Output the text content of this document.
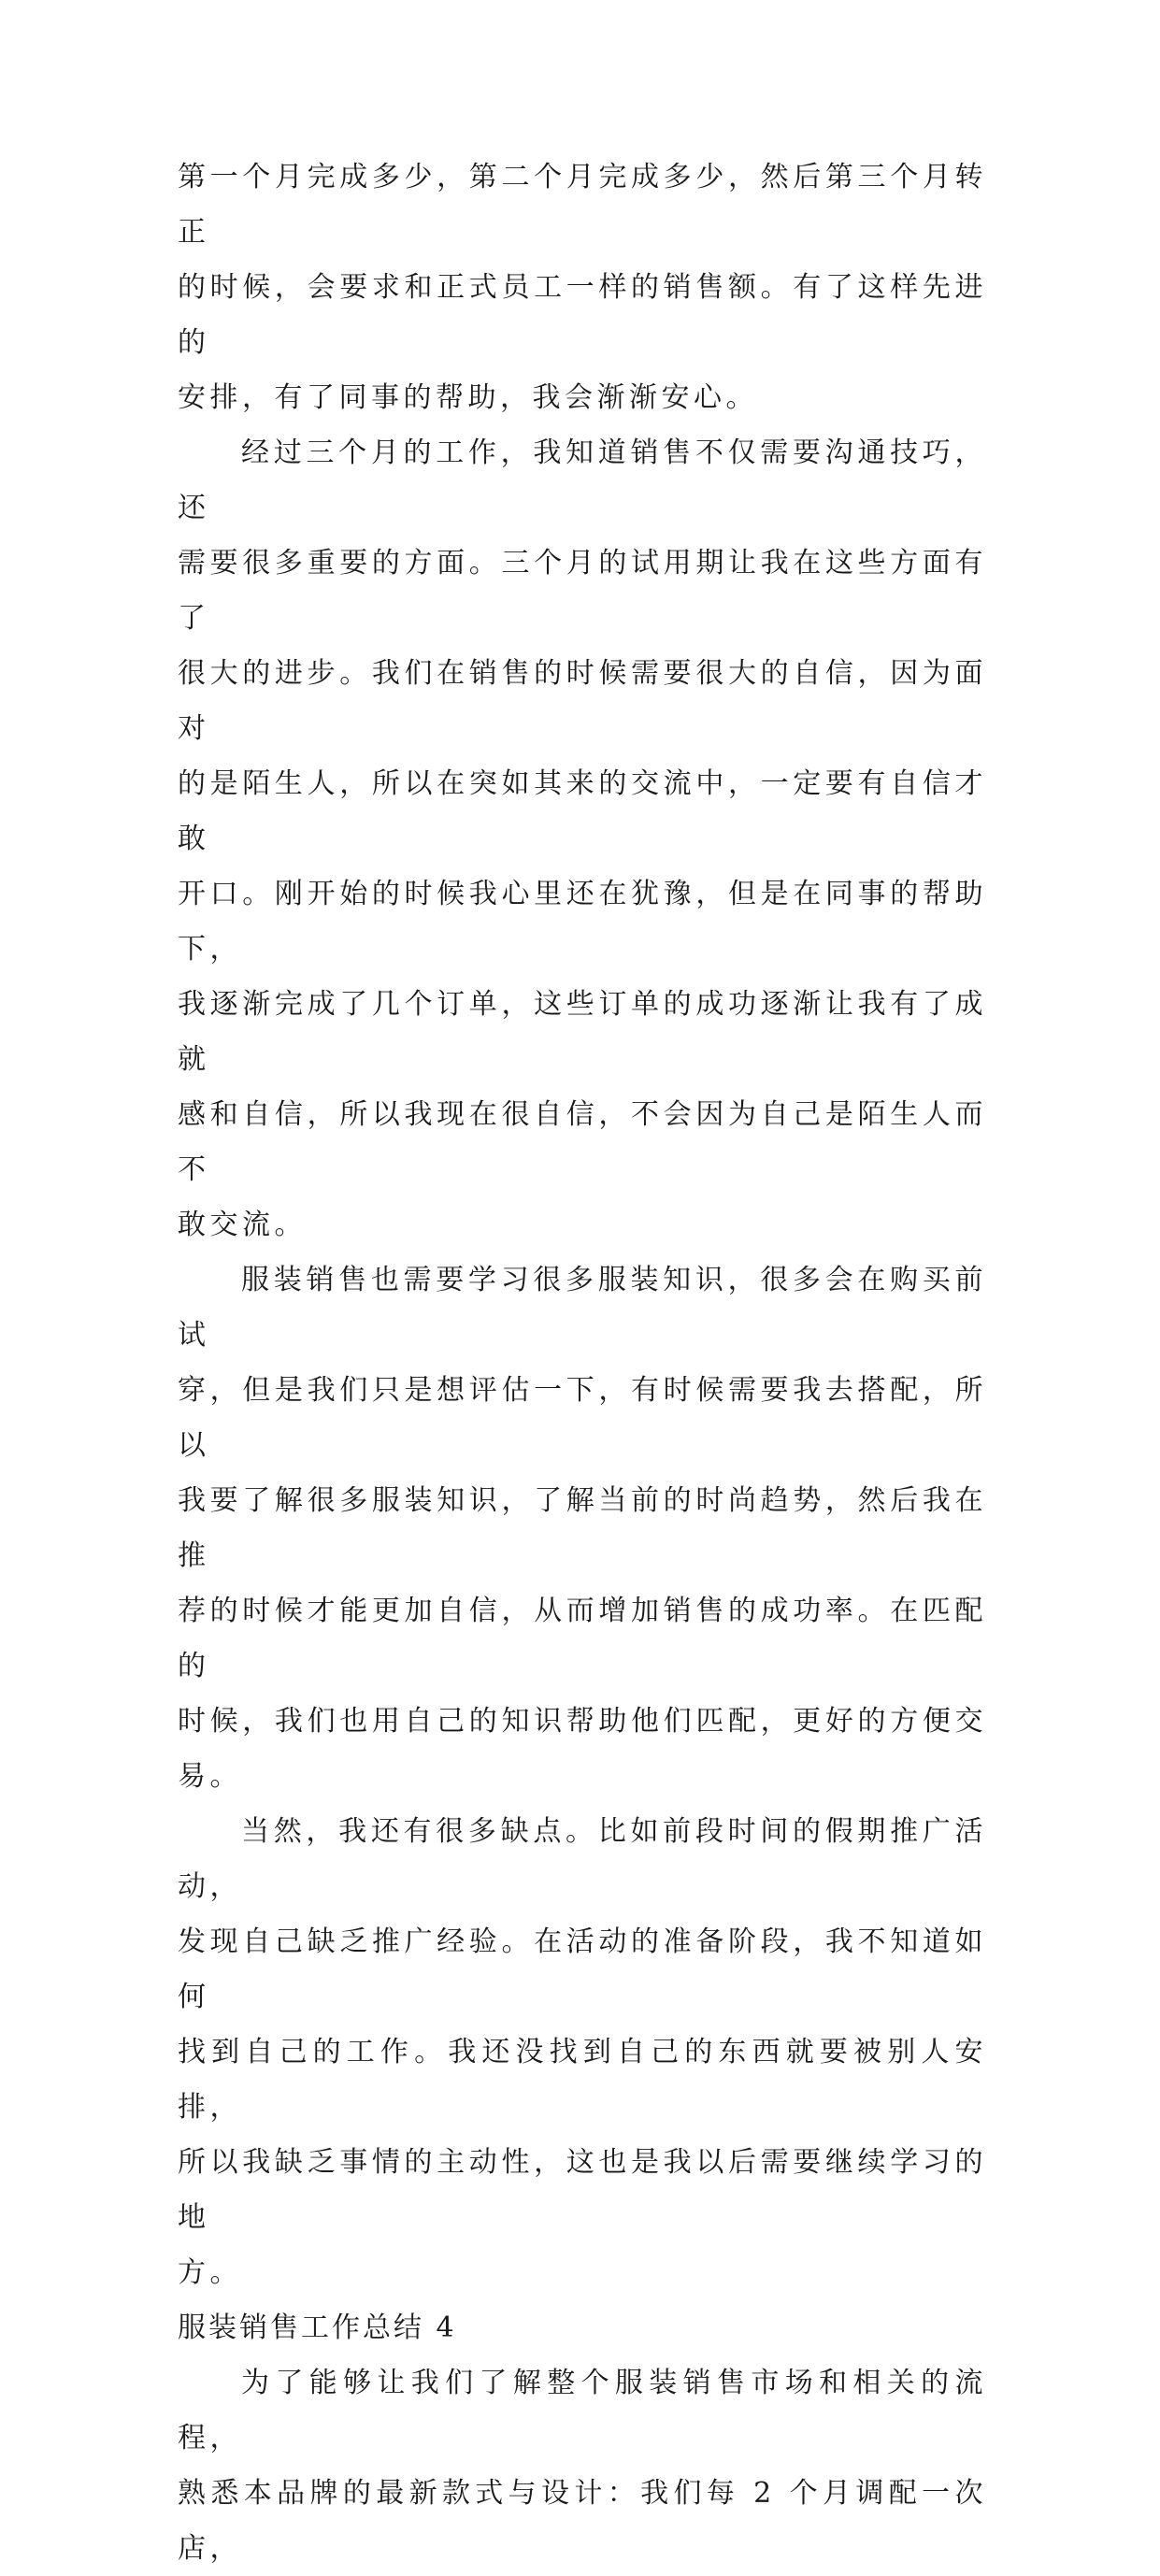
第一个月完成多少，第二个月完成多少，然后第三个月转正
的时候，会要求和正式员工一样的销售额。有了这样先进的
安排，有了同事的帮助，我会渐渐安心。

经过三个月的工作，我知道销售不仅需要沟通技巧，还
需要很多重要的方面。三个月的试用期让我在这些方面有了
很大的进步。我们在销售的时候需要很大的自信，因为面对
的是陌生人，所以在突如其来的交流中，一定要有自信才敢
开口。刚开始的时候我心里还在犹豫，但是在同事的帮助下，
我逐渐完成了几个订单，这些订单的成功逐渐让我有了成就
感和自信，所以我现在很自信，不会因为自己是陌生人而不
敢交流。

服装销售也需要学习很多服装知识，很多会在购买前试
穿，但是我们只是想评估一下，有时候需要我去搭配，所以
我要了解很多服装知识，了解当前的时尚趋势，然后我在推
荐的时候才能更加自信，从而增加销售的成功率。在匹配的
时候，我们也用自己的知识帮助他们匹配，更好的方便交易。

当然，我还有很多缺点。比如前段时间的假期推广活动，
发现自己缺乏推广经验。在活动的准备阶段，我不知道如何
找到自己的工作。我还没找到自己的东西就要被别人安排，
所以我缺乏事情的主动性，这也是我以后需要继续学习的地
方。

服装销售工作总结 4

为了能够让我们了解整个服装销售市场和相关的流程，
熟悉本品牌的最新款式与设计：我们每 2 个月调配一次店，
